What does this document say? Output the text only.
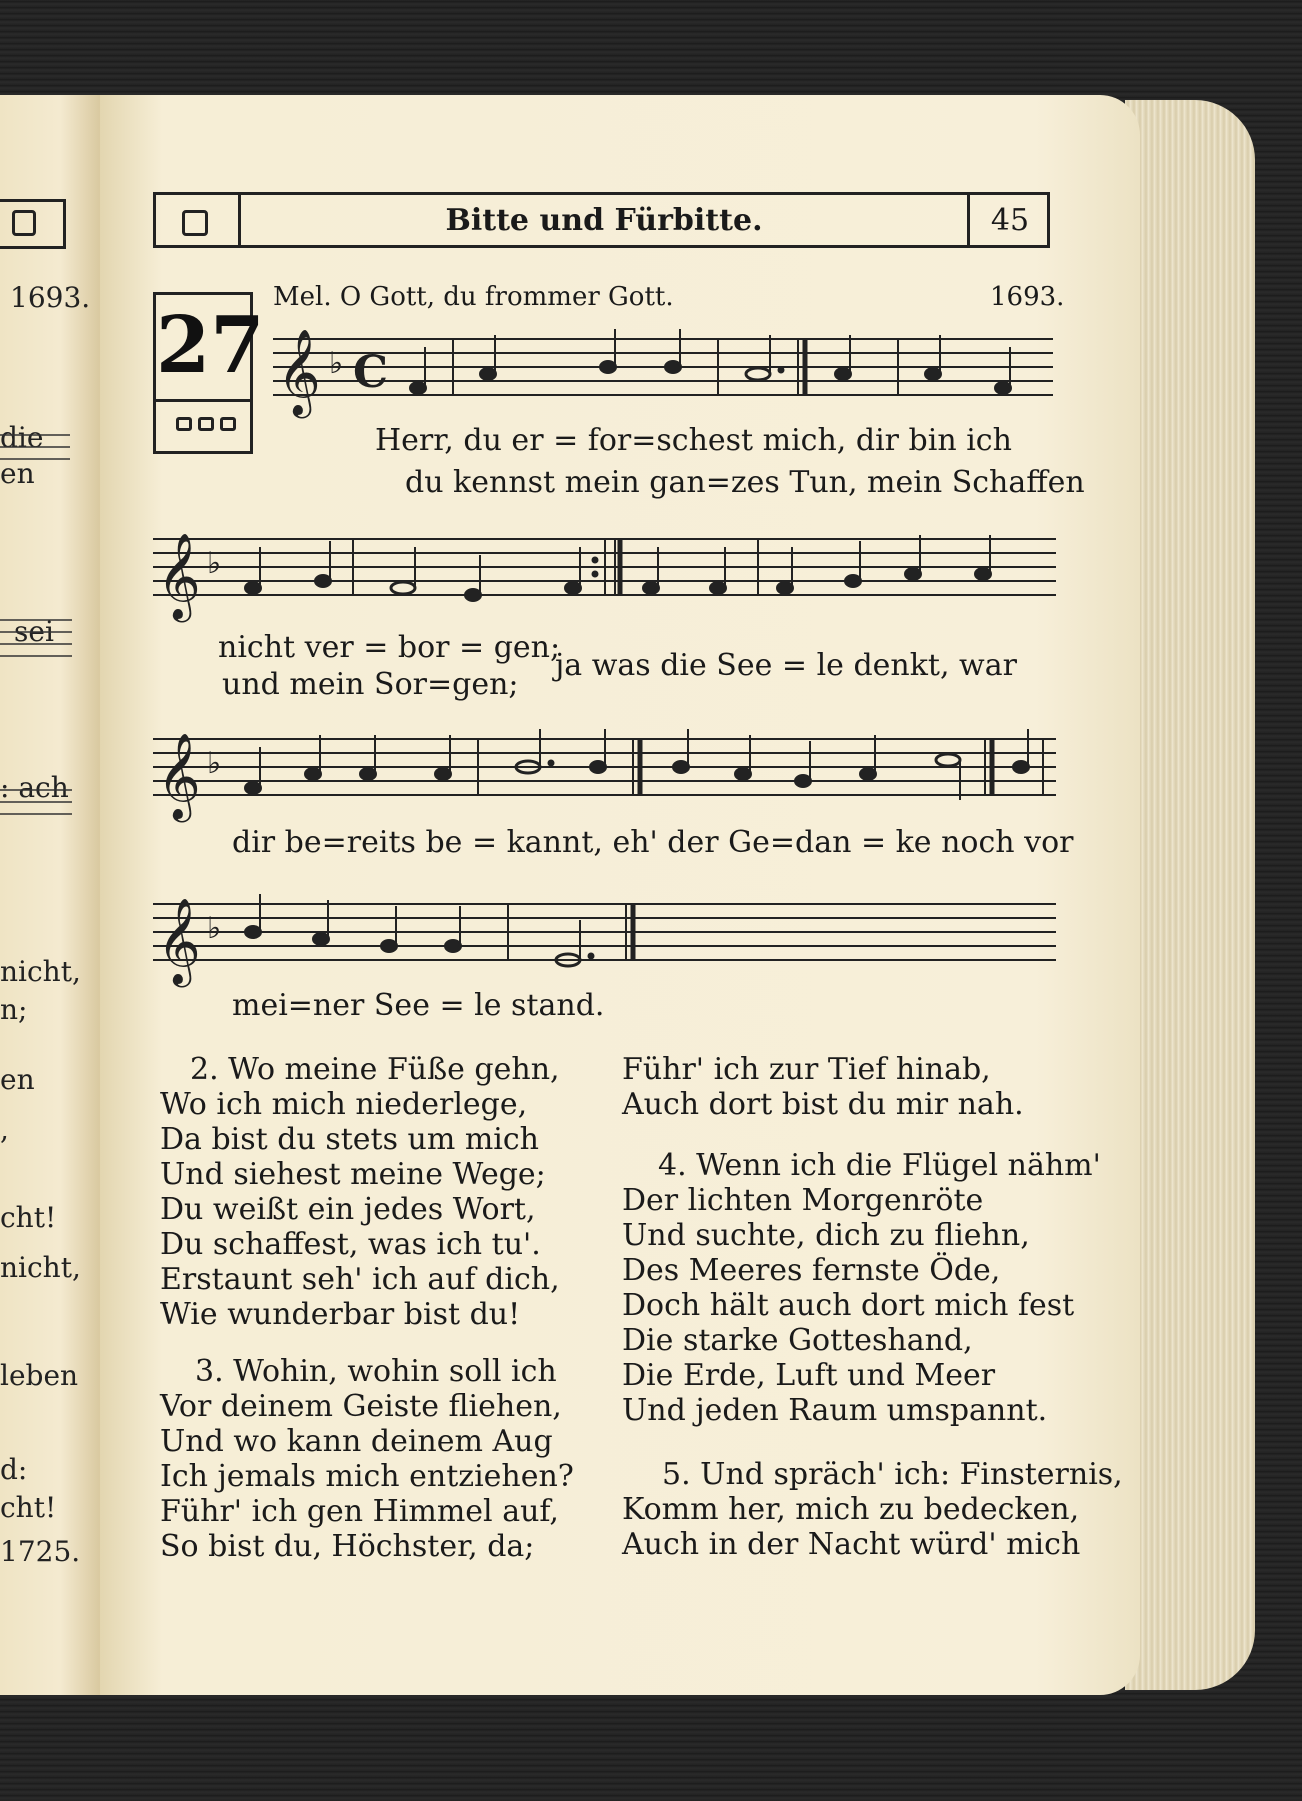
1693.
die
en
sei
: ach
nicht,
n;
en
,
cht!
nicht,
leben
d:
cht!
1725.
Bitte und Fürbitte.	45
27
Mel. O Gott, du frommer Gott.	1693.
𝄞 ♭ C
Herr, du er = for=schest mich, dir bin ich
du kennst mein gan=zes Tun, mein Schaffen
𝄞 ♭
nicht ver = bor = gen;
und mein Sor=gen;
ja was die See = le denkt, war
𝄞 ♭
dir be=reits be = kannt, eh' der Ge=dan = ke noch vor
𝄞 ♭
mei=ner See = le stand.
2. Wo meine Füße gehn,
Wo ich mich niederlege,
Da bist du stets um mich
Und siehest meine Wege;
Du weißt ein jedes Wort,
Du schaffest, was ich tu'.
Erstaunt seh' ich auf dich,
Wie wunderbar bist du!
3. Wohin, wohin soll ich
Vor deinem Geiste fliehen,
Und wo kann deinem Aug
Ich jemals mich entziehen?
Führ' ich gen Himmel auf,
So bist du, Höchster, da;
Führ' ich zur Tief hinab,
Auch dort bist du mir nah.
4. Wenn ich die Flügel nähm'
Der lichten Morgenröte
Und suchte, dich zu fliehn,
Des Meeres fernste Öde,
Doch hält auch dort mich fest
Die starke Gotteshand,
Die Erde, Luft und Meer
Und jeden Raum umspannt.
5. Und spräch' ich: Finsternis,
Komm her, mich zu bedecken,
Auch in der Nacht würd' mich
